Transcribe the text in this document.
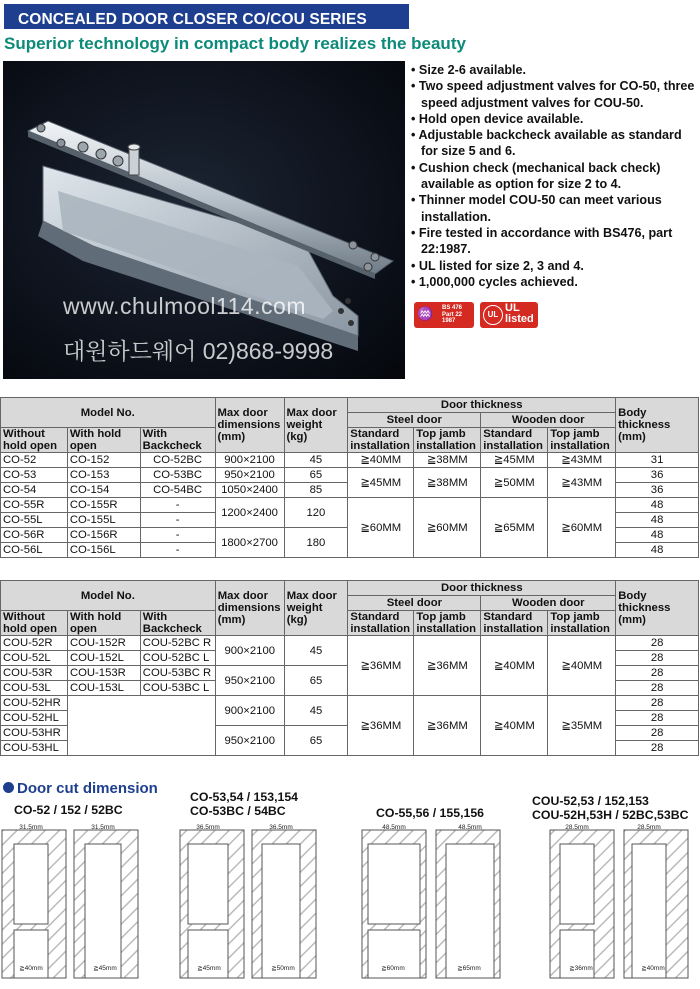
CONCEALED DOOR CLOSER CO/COU SERIES
Superior technology in compact body realizes the beauty
www.chulmool114.com
대원하드웨어 02)868-9998
• Size 2-6 available.
• Two speed adjustment valves for CO-50, three speed adjustment valves for COU-50.
• Hold open device available.
• Adjustable backcheck available as standard for size 5 and 6.
• Cushion check (mechanical back check) available as option for size 2 to 4.
• Thinner model COU-50 can meet various installation.
• Fire tested in accordance with BS476, part 22:1987.
• UL listed for size 2, 3 and 4.
• 1,000,000 cycles achieved.
♒ BS 476
Part 22
1987
UL
UL
listed
Model No.			Max door dimensions (mm)	Max door weight (kg)	Door thickness				Body thickness (mm)
					Steel door		Wooden door		
Without hold open	With hold open	With Backcheck			Standard installation	Top jamb installation	Standard installation	Top jamb installation	

CO-52	CO-152	CO-52BC	900×2100	45	≧40MM	≧38MM	≧45MM	≧43MM	31
CO-53	CO-153	CO-53BC	950×2100	65	≧45MM	≧38MM	≧50MM	≧43MM	36
CO-54	CO-154	CO-54BC	1050×2400	85					36
CO-55R	CO-155R	-	1200×2400	120	≧60MM	≧60MM	≧65MM	≧60MM	48
CO-55L	CO-155L	-							48
CO-56R	CO-156R	-	1800×2700	180					48
CO-56L	CO-156L	-							48
Model No.			Max door dimensions (mm)	Max door weight (kg)	Door thickness				Body thickness (mm)
					Steel door		Wooden door		
Without hold open	With hold open	With Backcheck			Standard installation	Top jamb installation	Standard installation	Top jamb installation	

COU-52R	COU-152R	COU-52BC R	900×2100	45	≧36MM	≧36MM	≧40MM	≧40MM	28
COU-52L	COU-152L	COU-52BC L							28
COU-53R	COU-153R	COU-53BC R	950×2100	65					28
COU-53L	COU-153L	COU-53BC L							28
COU-52HR			900×2100	45	≧36MM	≧36MM	≧40MM	≧35MM	28
COU-52HL									28
COU-53HR			950×2100	65					28
COU-53HL									28
Door cut dimension
CO-52 / 152 / 52BC
CO-53,54 / 153,154
CO-53BC / 54BC	CO-55,56 / 155,156
COU-52,53 / 152,153
COU-52H,53H / 52BC,53BC
31.5mm	31.5mm
≧40mm	≧45mm
36.5mm	36.5mm
≧45mm	≧50mm
48.5mm	48.5mm
≧60mm	≧65mm
28.5mm	28.5mm
≧36mm	≧40mm
